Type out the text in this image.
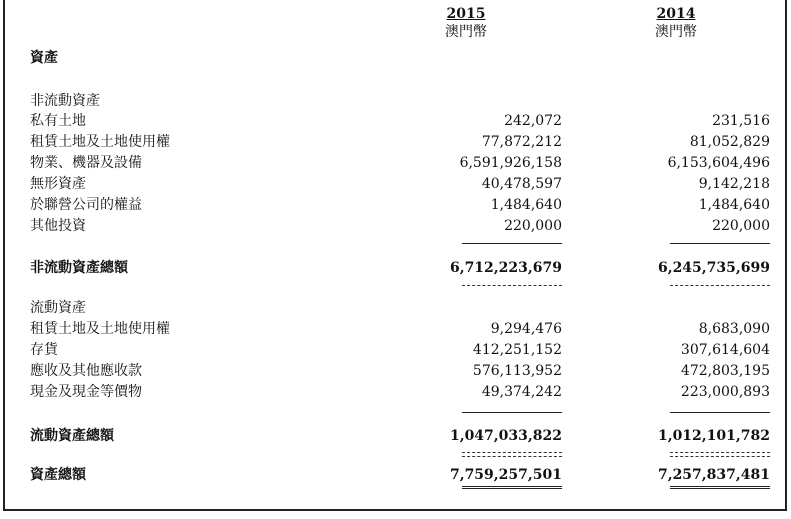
2015	2014
澳門幣	澳門幣
資產
非流動資產
私有土地	242,072	231,516
租賃土地及土地使用權	77,872,212	81,052,829
物業、機器及設備	6,591,926,158	6,153,604,496
無形資產	40,478,597	9,142,218
於聯營公司的權益	1,484,640	1,484,640
其他投資	220,000	220,000
非流動資產總額	6,712,223,679	6,245,735,699
流動資產
租賃土地及土地使用權	9,294,476	8,683,090
存貨	412,251,152	307,614,604
應收及其他應收款	576,113,952	472,803,195
現金及現金等價物	49,374,242	223,000,893
流動資產總額	1,047,033,822	1,012,101,782
資產總額	7,759,257,501	7,257,837,481
